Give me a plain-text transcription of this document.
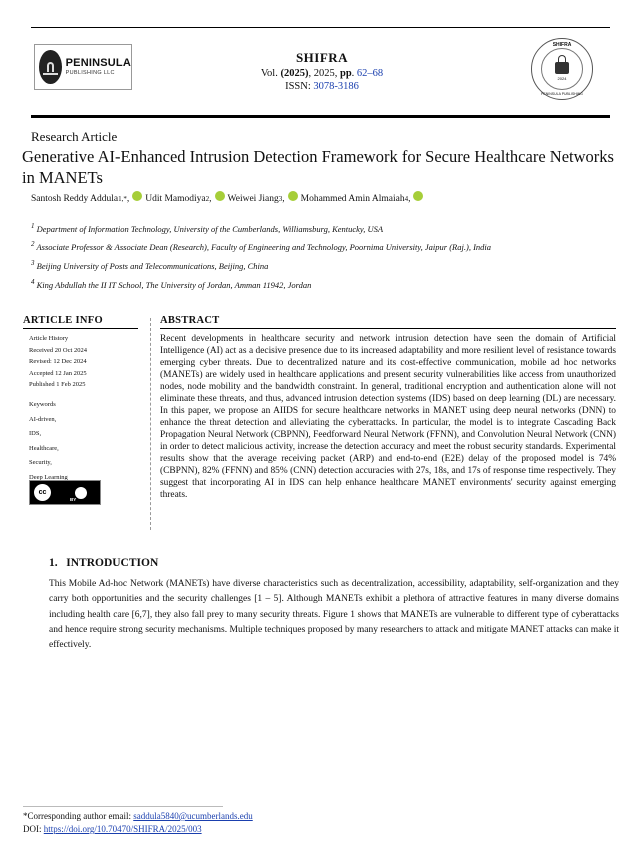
PENINSULA
PUBLISHING LLC
SHIFRA
Vol. (2025), 2025, pp. 62–68
ISSN: 3078-3186
SHIFRA
2024
PENINSULA PUBLISHING
Research Article
Generative AI-Enhanced Intrusion Detection Framework for Secure Healthcare Networks in MANETs
Santosh Reddy Addula 1,* , Udit Mamodiya 2 , Weiwei Jiang 3 , Mohammed Amin Almaiah 4 ,
$^1$ Department of Information Technology, University of the Cumberlands, Williamsburg, Kentucky, USA
$^2$ Associate Professor & Associate Dean (Research), Faculty of Engineering and Technology, Poornima University, Jaipur (Raj.), India
$^3$ Beijing University of Posts and Telecommunications, Beijing, China
$^4$ King Abdullah the II IT School, The University of Jordan, Amman 11942, Jordan
ARTICLE INFO
Article History
Received 20 Oct 2024
Revised: 12 Dec 2024
Accepted 12 Jan 2025
Published 1 Feb 2025
Keywords
AI-driven,
IDS,
Healthcare,
Security,
Deep Learning
cc
BY
ABSTRACT
Recent developments in healthcare security and network intrusion detection have seen the domain of Artificial Intelligence (AI) act as a decisive presence due to its increased adaptability and more resilient level of resistance towards emerging cyber threats. Due to decentralized nature and its cost-effective communication, mobile ad hoc networks (MANETs) are widely used in healthcare applications and present security vulnerabilities like access from unauthorized nodes, node mobility and the bandwidth constraint. In general, traditional encryption and authentication alone will not eliminate these threats, and thus, advanced intrusion detection systems (IDS) based on deep learning (DL) are necessary. In this paper, we propose an AIIDS for secure healthcare networks in MANET using deep neural networks (DNN) to enhance the threat detection and alleviating the cyberattacks. In particular, the model is to integrate Cascading Back Propagation Neural Network (CBPNN), Feedforward Neural Network (FFNN), and Convolution Neural Network (CNN) in order to detect malicious activity, increase the detection accuracy and meet the robust security standards. Experimental results show that the average receiving packet (ARP) and end-to-end (E2E) delay of the proposed model is 74% (CBPNN), 82% (FFNN) and 85% (CNN) detection accuracies with 27s, 18s, and 17s of response time respectively. They suggest that incorporating AI in IDS can help enhance healthcare MANET environments' security against emerging threats.
1.   INTRODUCTION
This Mobile Ad-hoc Network (MANETs) have diverse characteristics such as decentralization, accessibility, adaptability, self-organization and they carry both opportunities and the security challenges [1 – 5]. Although MANETs exhibit a plethora of attractive features in many diverse domains including health care [6,7], they also fall prey to many security threats. Figure 1 shows that MANETs are vulnerable to different type of cyberattacks and hence require strong security mechanisms. Multiple techniques proposed by many researchers to attack and mitigate MANET attacks can make it effectively.
*Corresponding author email: saddula5840@ucumberlands.edu
DOI: https://doi.org/10.70470/SHIFRA/2025/003
